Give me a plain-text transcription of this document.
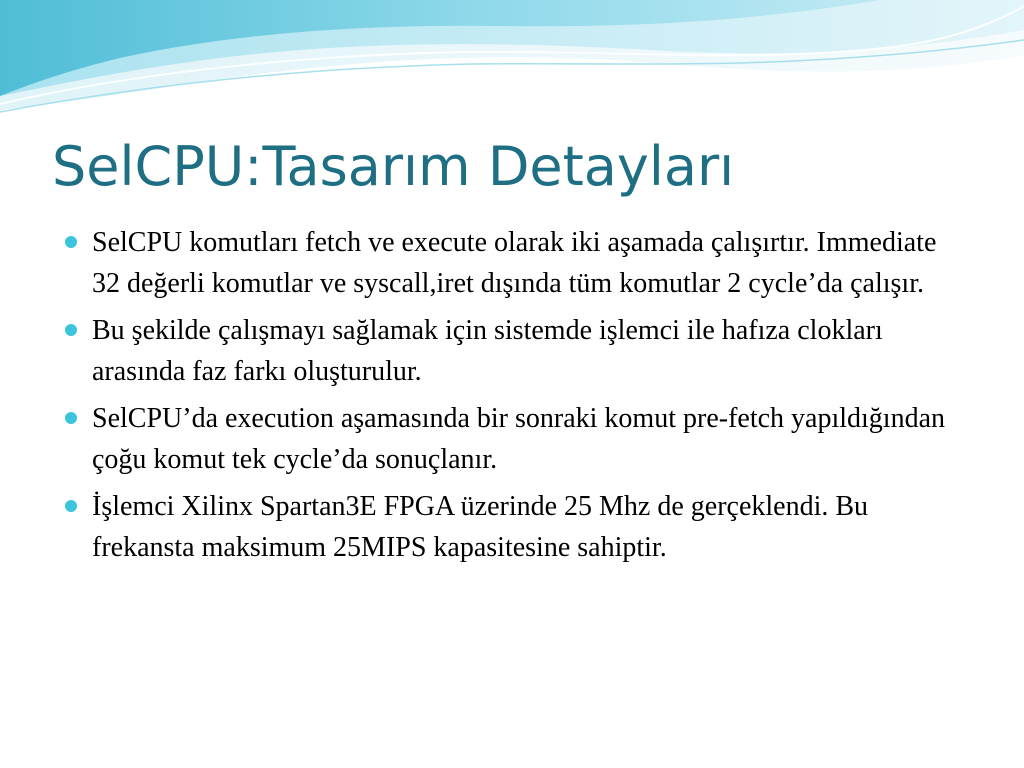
SelCPU:Tasarım Detayları
SelCPU komutları fetch ve execute olarak iki aşamada çalışırtır. Immediate 32 değerli komutlar ve syscall,iret dışında tüm komutlar 2 cycle’da çalışır.
Bu şekilde çalışmayı sağlamak için sistemde işlemci ile hafıza clokları arasında faz farkı oluşturulur.
SelCPU’da execution aşamasında bir sonraki komut pre-fetch yapıldığından çoğu komut tek cycle’da sonuçlanır.
İşlemci Xilinx Spartan3E FPGA üzerinde 25 Mhz de gerçeklendi. Bu frekansta maksimum 25MIPS kapasitesine sahiptir.
